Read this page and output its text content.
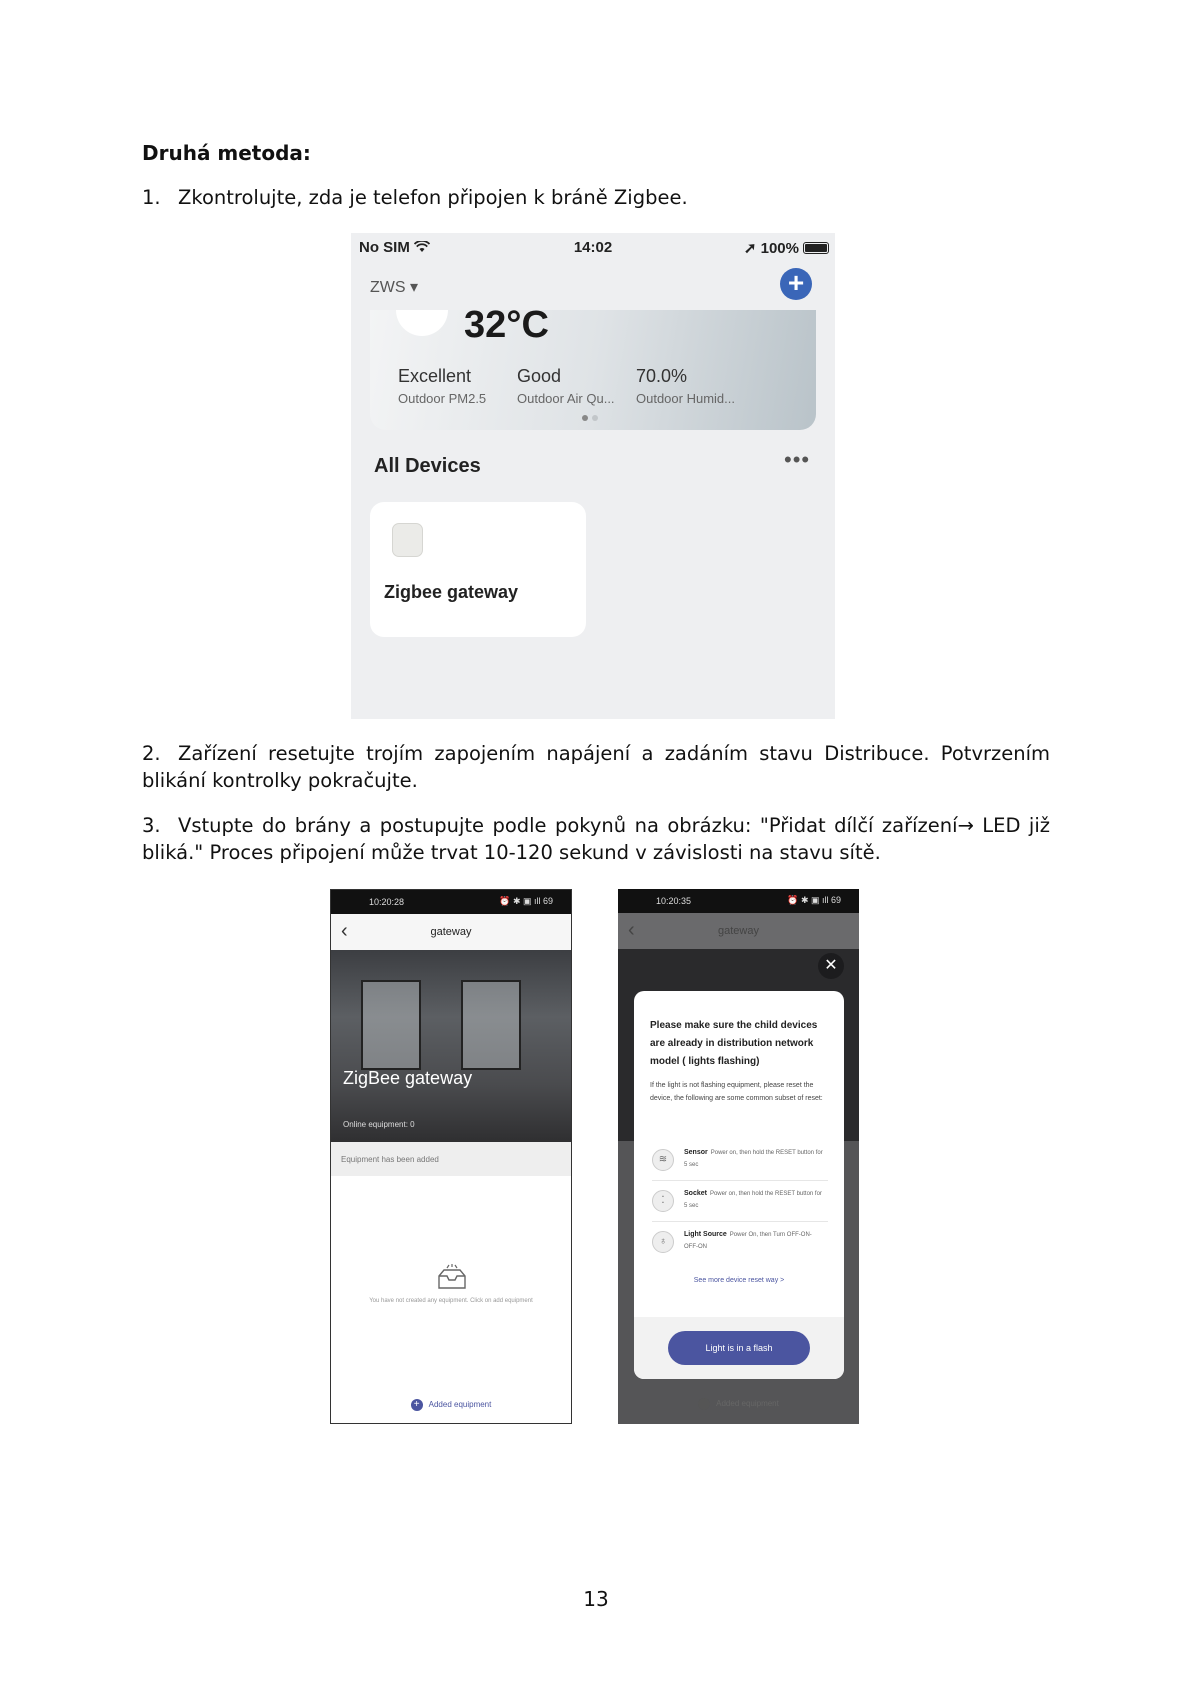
Druhá metoda:
1. Zkontrolujte, zda je telefon připojen k bráně Zigbee.
No SIM	14:02	➚ 100%
ZWS ▾	+
32°C
Excellent
Outdoor PM2.5
Good
Outdoor Air Qu...
70.0%
Outdoor Humid...
All Devices	•••
Zigbee gateway
2. Zařízení resetujte trojím zapojením napájení a zadáním stavu Distribuce. Potvrzením blikání kontrolky pokračujte.
3. Vstupte do brány a postupujte podle pokynů na obrázku: "Přidat dílčí zařízení→ LED již bliká." Proces připojení může trvat 10-120 sekund v závislosti na stavu sítě.
10:20:28	⏰ ✱ ▣ ıll 69
‹	gateway
ZigBee gateway
Online equipment: 0
Equipment has been added
You have not created any equipment. Click on add equipment
+ Added equipment
10:20:35	⏰ ✱ ▣ ıll 69
‹	gateway
Added equipment
✕
Please make sure the child devices are already in distribution network model ( lights flashing)
If the light is not flashing equipment, please reset the device, the following are some common subset of reset:
≋
Sensor Power on, then hold the RESET button for 5 sec
⁚
Socket Power on, then hold the RESET button for 5 sec
♁
Light Source Power On, then Turn OFF-ON-OFF-ON
See more device reset way >
Light is in a flash
13
